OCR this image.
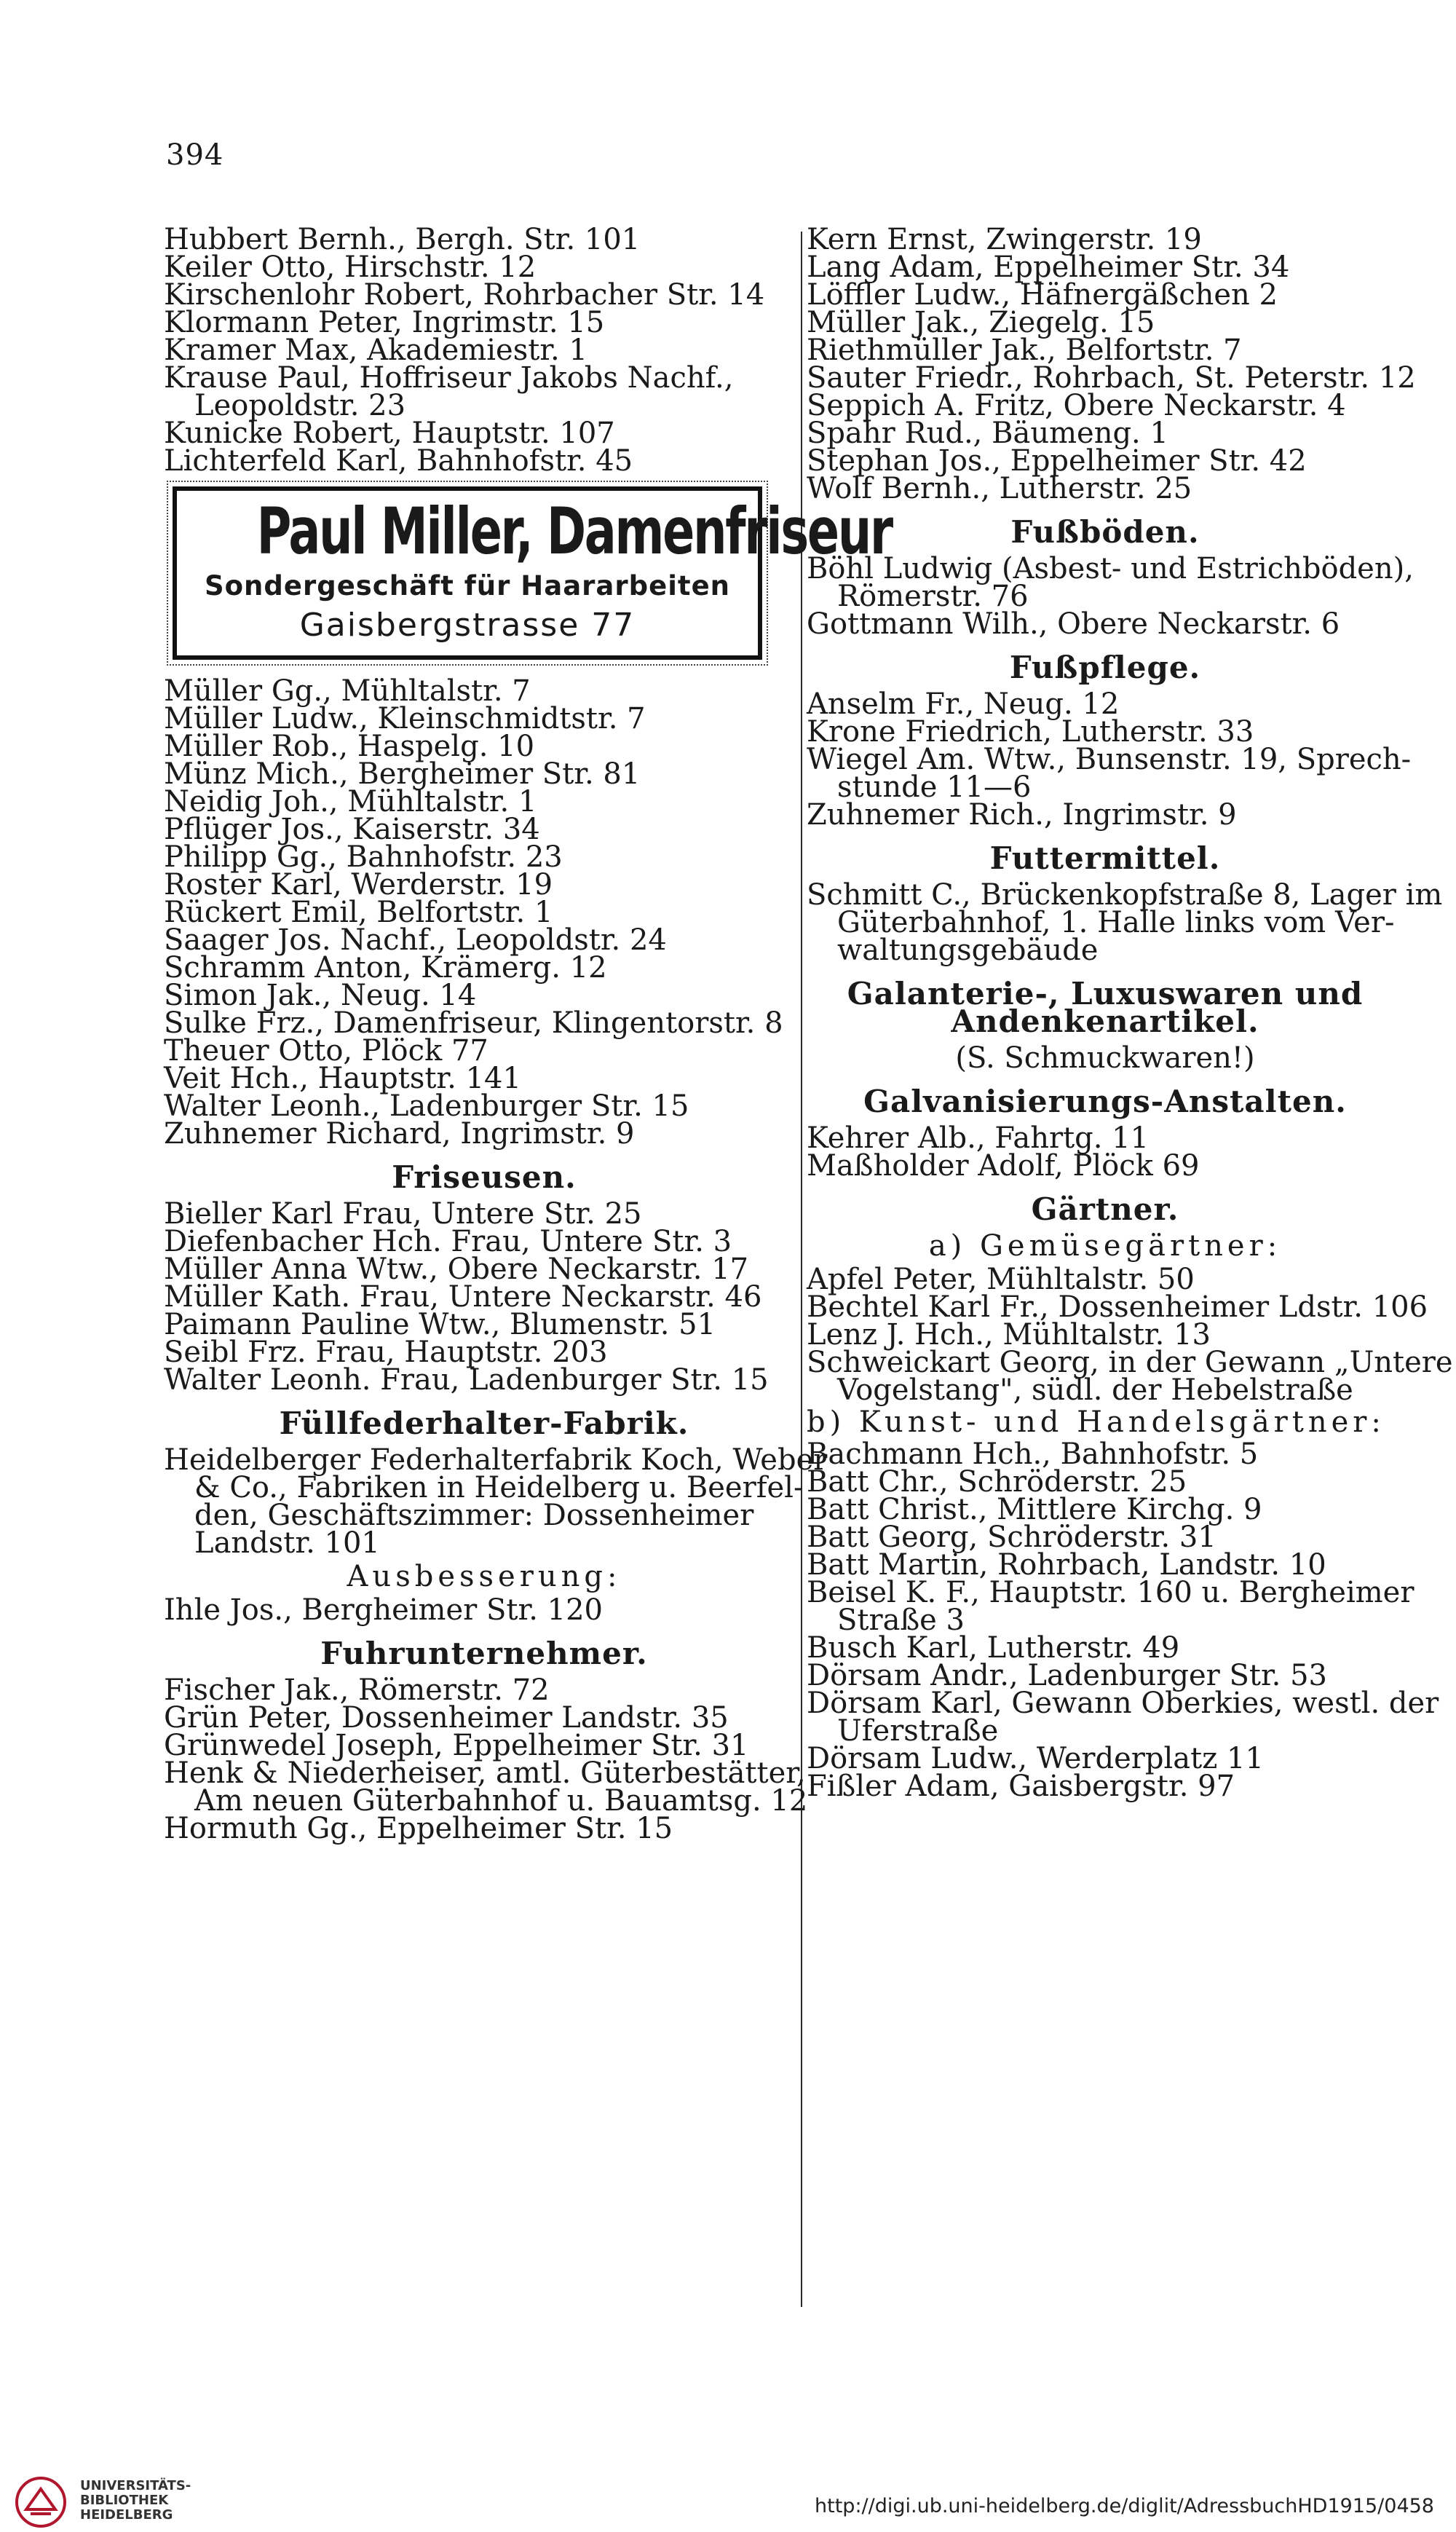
394
Hubbert Bernh., Bergh. Str. 101
Keiler Otto, Hirschstr. 12
Kirschenlohr Robert, Rohrbacher Str. 14
Klormann Peter, Ingrimstr. 15
Kramer Max, Akademiestr. 1
Krause Paul, Hoffriseur Jakobs Nachf.,
Leopoldstr. 23
Kunicke Robert, Hauptstr. 107
Lichterfeld Karl, Bahnhofstr. 45
Paul Miller, Damenfriseur
Sondergeschäft für Haararbeiten
Gaisbergstrasse 77
Müller Gg., Mühltalstr. 7
Müller Ludw., Kleinschmidtstr. 7
Müller Rob., Haspelg. 10
Münz Mich., Bergheimer Str. 81
Neidig Joh., Mühltalstr. 1
Pflüger Jos., Kaiserstr. 34
Philipp Gg., Bahnhofstr. 23
Roster Karl, Werderstr. 19
Rückert Emil, Belfortstr. 1
Saager Jos. Nachf., Leopoldstr. 24
Schramm Anton, Krämerg. 12
Simon Jak., Neug. 14
Sulke Frz., Damenfriseur, Klingentorstr. 8
Theuer Otto, Plöck 77
Veit Hch., Hauptstr. 141
Walter Leonh., Ladenburger Str. 15
Zuhnemer Richard, Ingrimstr. 9
Friseusen.
Bieller Karl Frau, Untere Str. 25
Diefenbacher Hch. Frau, Untere Str. 3
Müller Anna Wtw., Obere Neckarstr. 17
Müller Kath. Frau, Untere Neckarstr. 46
Paimann Pauline Wtw., Blumenstr. 51
Seibl Frz. Frau, Hauptstr. 203
Walter Leonh. Frau, Ladenburger Str. 15
Füllfederhalter-Fabrik.
Heidelberger Federhalterfabrik Koch, Weber
& Co., Fabriken in Heidelberg u. Beerfel-
den, Geschäftszimmer: Dossenheimer
Landstr. 101
Ausbesserung:
Ihle Jos., Bergheimer Str. 120
Fuhrunternehmer.
Fischer Jak., Römerstr. 72
Grün Peter, Dossenheimer Landstr. 35
Grünwedel Joseph, Eppelheimer Str. 31
Henk & Niederheiser, amtl. Güterbestätter,
Am neuen Güterbahnhof u. Bauamtsg. 12
Hormuth Gg., Eppelheimer Str. 15
Kern Ernst, Zwingerstr. 19
Lang Adam, Eppelheimer Str. 34
Löffler Ludw., Häfnergäßchen 2
Müller Jak., Ziegelg. 15
Riethmüller Jak., Belfortstr. 7
Sauter Friedr., Rohrbach, St. Peterstr. 12
Seppich A. Fritz, Obere Neckarstr. 4
Spahr Rud., Bäumeng. 1
Stephan Jos., Eppelheimer Str. 42
Wolf Bernh., Lutherstr. 25
Fußböden.
Böhl Ludwig (Asbest- und Estrichböden),
Römerstr. 76
Gottmann Wilh., Obere Neckarstr. 6
Fußpflege.
Anselm Fr., Neug. 12
Krone Friedrich, Lutherstr. 33
Wiegel Am. Wtw., Bunsenstr. 19, Sprech-
stunde 11—6
Zuhnemer Rich., Ingrimstr. 9
Futtermittel.
Schmitt C., Brückenkopfstraße 8, Lager im
Güterbahnhof, 1. Halle links vom Ver-
waltungsgebäude
Galanterie-, Luxuswaren und
Andenkenartikel.
(S. Schmuckwaren!)
Galvanisierungs-Anstalten.
Kehrer Alb., Fahrtg. 11
Maßholder Adolf, Plöck 69
Gärtner.
a) Gemüsegärtner:
Apfel Peter, Mühltalstr. 50
Bechtel Karl Fr., Dossenheimer Ldstr. 106
Lenz J. Hch., Mühltalstr. 13
Schweickart Georg, in der Gewann „Untere
Vogelstang", südl. der Hebelstraße
b) Kunst- und Handelsgärtner:
Bachmann Hch., Bahnhofstr. 5
Batt Chr., Schröderstr. 25
Batt Christ., Mittlere Kirchg. 9
Batt Georg, Schröderstr. 31
Batt Martin, Rohrbach, Landstr. 10
Beisel K. F., Hauptstr. 160 u. Bergheimer
Straße 3
Busch Karl, Lutherstr. 49
Dörsam Andr., Ladenburger Str. 53
Dörsam Karl, Gewann Oberkies, westl. der
Uferstraße
Dörsam Ludw., Werderplatz 11
Fißler Adam, Gaisbergstr. 97
UNIVERSITÄTS-
BIBLIOTHEK
HEIDELBERG	http://digi.ub.uni-heidelberg.de/diglit/AdressbuchHD1915/0458
